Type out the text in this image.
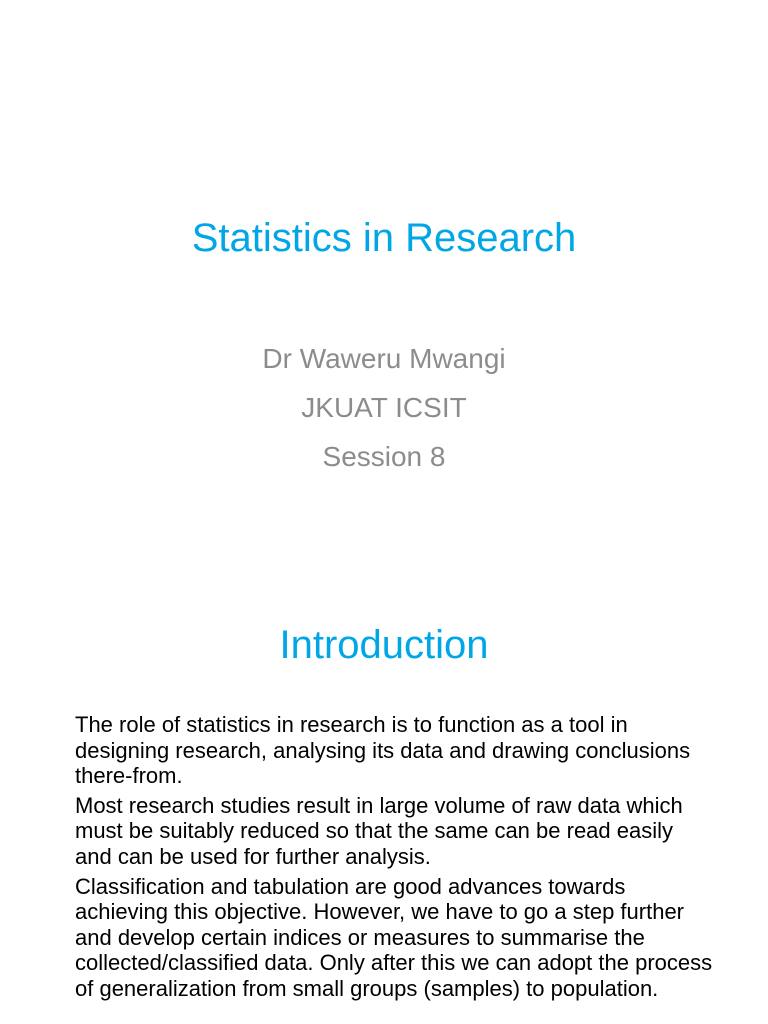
Statistics in Research
Dr Waweru Mwangi
JKUAT ICSIT
Session 8
Introduction

The role of statistics in research is to function as a tool in designing research, analysing its data and drawing conclusions there-from.

Most research studies result in large volume of raw data which must be suitably reduced so that the same can be read easily and can be used for further analysis.

Classification and tabulation are good advances towards achieving this objective. However, we have to go a step further and develop certain indices or measures to summarise the collected/classified data. Only after this we can adopt the process of generalization from small groups (samples) to population.
